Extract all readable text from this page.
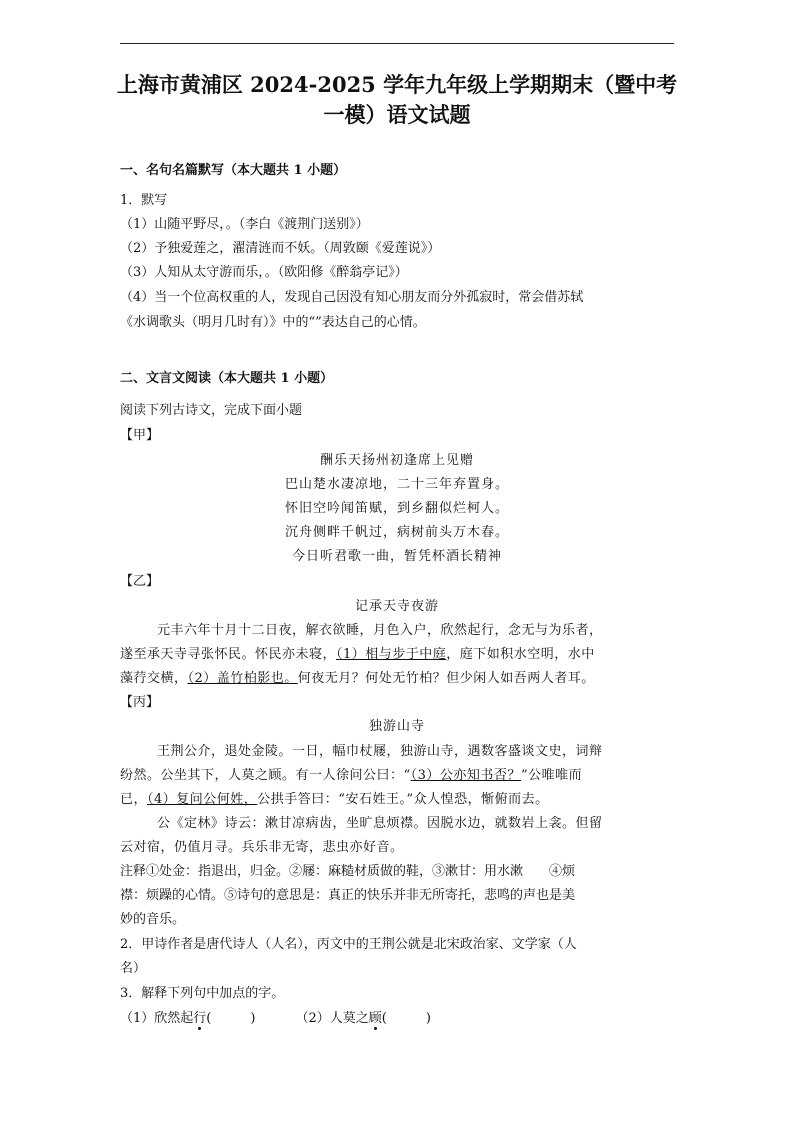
上海市黄浦区 2024-2025 学年九年级上学期期末（暨中考
一模）语文试题
一、名句名篇默写（本大题共 1 小题）
1．默写
（1）山随平野尽，。（李白《渡荆门送别》）
（2）予独爱莲之，濯清涟而不妖。（周敦颐《爱莲说》）
（3）人知从太守游而乐，。（欧阳修《醉翁亭记》）
（4）当一个位高权重的人，发现自己因没有知心朋友而分外孤寂时，常会借苏轼
《水调歌头（明月几时有）》中的“”表达自己的心情。
二、文言文阅读（本大题共 1 小题）
阅读下列古诗文，完成下面小题
【甲】
酬乐天扬州初逢席上见赠
巴山楚水凄凉地，二十三年弃置身。
怀旧空吟闻笛赋，到乡翻似烂柯人。
沉舟侧畔千帆过，病树前头万木春。
今日听君歌一曲，暂凭杯酒长精神
【乙】
记承天寺夜游
元丰六年十月十二日夜，解衣欲睡，月色入户，欣然起行，念无与为乐者，
遂至承天寺寻张怀民。怀民亦未寝，（1）相与步于中庭，庭下如积水空明，水中
藻荇交横，（2）盖竹柏影也。何夜无月？何处无竹柏？但少闲人如吾两人者耳。
【丙】
独游山寺
王荆公介，退处金陵。一日，幅巾杖屦，独游山寺，遇数客盛谈文史，词辩
纷然。公坐其下，人莫之顾。有一人徐问公曰：“（3）公亦知书否？”公唯唯而
已，（4）复问公何姓，公拱手答曰：“安石姓王。”众人惶恐，惭俯而去。
公《定林》诗云：漱甘凉病齿，坐旷息烦襟。因脱水边，就数岩上衾。但留
云对宿，仍值月寻。兵乐非无寄，悲虫亦好音。
注释①处金：指退出，归金。②屦：麻糙材质做的鞋，③漱甘：用水漱　　④烦
襟：烦躁的心情。⑤诗句的意思是：真正的快乐并非无所寄托，悲鸣的声也是美
妙的音乐。
2．甲诗作者是唐代诗人（人名），丙文中的王荆公就是北宋政治家、文学家（人
名）
3．解释下列句中加点的字。
（1）欣然起行(　　　)	（2）人莫之顾(　　　)
